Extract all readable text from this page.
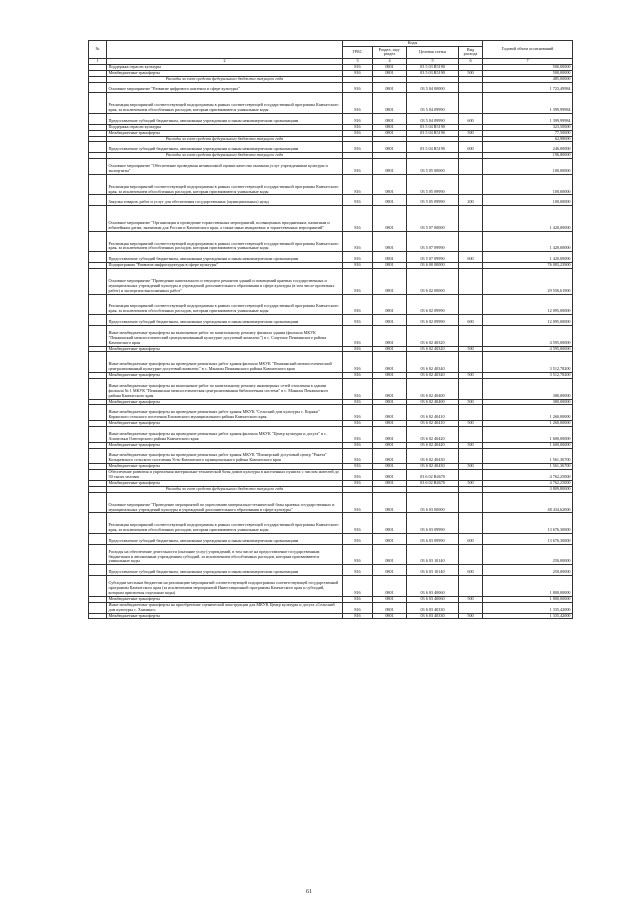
№		Коды				Годовой объем ассигнований
		ГРБС	Раздел, под-раздел	Целевая статья	Вид расхода	
1	2	3	4	5	6	7
	Поддержка отрасли культуры	816	0801	03 5 03 R5190		500,00000
	Межбюджетные трансферты	816	0801	03 5 03 R5190	500	500,00000
	Расходы за счет средств федерального бюджета текущего года					485,00000
	Основное мероприятие "Развитие цифрового контента в сфере культуры"	816	0801	03 5 04 00000		1 723,49984
	Реализация мероприятий соответствующей подпрограммы в рамках соответствующей государственной программы Камчатского края, за исключением обособленных расходов, которым присваиваются уникальные коды	816	0801	03 5 04 09990		1 399,99984
	Предоставление субсидий бюджетным, автономным учреждениям и иным некоммерческим организациям	816	0801	03 5 04 09990	600	1 399,99984
	Поддержка отрасли культуры	816	0801	03 5 04 R5190		323,50000
	Межбюджетные трансферты	816	0801	03 5 04 R5190	500	77,50000
	Расходы за счет средств федерального бюджета текущего года					62,98000
	Предоставление субсидий бюджетным, автономным учреждениям и иным некоммерческим организациям	816	0801	03 5 04 R5190	600	246,00000
	Расходы за счет средств федерального бюджета текущего года					196,80000
	Основное мероприятие "Обеспечение проведения независимой оценки качества оказания услуг учреждениями культуры и экспертизы"	816	0801	03 5 05 00000		100,00000
	Реализация мероприятий соответствующей подпрограммы в рамках соответствующей государственной программы Камчатского края, за исключением обособленных расходов, которым присваиваются уникальные коды	816	0801	03 5 05 09990		100,00000
	Закупка товаров, работ и услуг для обеспечения государственных (муниципальных) нужд	816	0801	03 5 05 09990	200	100,00000
	Основное мероприятие "Организация и проведение торжественных мероприятий, посвященных праздничным, памятным и юбилейным датам, значимым для России и Камчатского края, а также иных имиджевых и торжественных мероприятий"	816	0801	03 5 07 00000		1 420,00000
	Реализация мероприятий соответствующей подпрограммы в рамках соответствующей государственной программы Камчатского края, за исключением обособленных расходов, которым присваиваются уникальные коды	816	0801	03 5 07 09990		1 420,00000
	Предоставление субсидий бюджетным, автономным учреждениям и иным некоммерческим организациям	816	0801	03 5 07 09990	600	1 420,00000
	Подпрограмма "Развитие инфраструктуры в сфере культуры"	816	0801	03 6 00 00000		76 083,23900
	Основное мероприятие "Проведение капитального и текущего ремонтов зданий и помещений краевых государственных и муниципальных учреждений культуры и учреждений дополнительного образования в сфере культуры (в том числе проектных работ) и экспертиза выполненных работ"	816	0801	03 6 02 00000		29 556,61900
	Реализация мероприятий соответствующей подпрограммы в рамках соответствующей государственной программы Камчатского края, за исключением обособленных расходов, которым присваиваются уникальные коды	816	0801	03 6 02 09990		12 095,00000
	Предоставление субсидий бюджетным, автономным учреждениям и иным некоммерческим организациям	816	0801	03 6 02 09990	600	12 095,00000
	Иные межбюджетные трансферты на выполнение работ по капитальному ремонту филиала здания (филиала МКУК "Пенжинский межпоселенческий централизованный культурно-досуговый комплекс") в с. Слаутное Пенжинского района Камчатского края	816	0801	03 6 02 40320		4 595,00000
	Межбюджетные трансферты	816	0801	03 6 02 40320	500	4 595,00000
	Иные межбюджетные трансферты на проведение ремонтных работ здания филиала МКУК "Пенжинский межпоселенческий централизованный культурно-досуговый комплекс" в с. Манилы Пенжинского района Камчатского края	816	0801	03 6 02 40340		3 512,78200
	Межбюджетные трансферты	816	0801	03 6 02 40340	500	3 512,78200
	Иные межбюджетные трансферты на выполнение работ по капитальному ремонту инженерных сетей отопления в здании филиала № 1 МКУК "Пенжинская межпоселенческая централизованная библиотечная система" в с. Манилы Пенжинского района Камчатского края	816	0801	03 6 02 40400		380,00000
	Межбюджетные трансферты	816	0801	03 6 02 40400	500	380,00000
	Иные межбюджетные трансферты на проведение ремонтных работ здания МКУК "Сельский дом культуры с. Коряки" Корякского сельского поселения Елизовского муниципального района Камчатского края	816	0801	03 6 02 40410		1 260,00000
	Межбюджетные трансферты	816	0801	03 6 02 40410	500	1 260,00000
	Иные межбюджетные трансферты на проведение ремонтных работ здания филиала МКУК "Центр культуры и досуга" в с. Апапельки Олюторского района Камчатского края	816	0801	03 6 02 40420		1 600,00000
	Межбюджетные трансферты	816	0801	03 6 02 40420	500	1 600,00000
	Иные межбюджетные трансферты на проведение ремонтных работ здания МКУК "Пионерский досуговый центр "Ракета" Козыревского сельского поселения Усть-Камчатского муниципального района Камчатского края	816	0801	03 6 02 40430		1 561,36700
	Межбюджетные трансферты	816	0801	03 6 02 40430	500	1 561,36700
	Обеспечение развития и укрепления материально-технической базы домов культуры в населенных пунктах с числом жителей до 50 тысяч человек	816	0801	03 6 02 R4670		4 762,25000
	Межбюджетные трансферты	816	0801	03 6 02 R4670	500	4 762,25000
	Расходы за счет средств федерального бюджета текущего года					3 809,80000
	Основное мероприятие "Проведение мероприятий по укреплению материально-технической базы краевых государственных и муниципальных учреждений культуры и учреждений дополнительного образования в сфере культуры"	816	0801	03 6 03 00000		48 434,62000
	Реализация мероприятий соответствующей подпрограммы в рамках соответствующей государственной программы Камчатского края, за исключением обособленных расходов, которым присваиваются уникальные коды	816	0801	03 6 03 09990		13 676,30000
	Предоставление субсидий бюджетным, автономным учреждениям и иным некоммерческим организациям	816	0801	03 6 03 09990	600	13 676,30000
	Расходы на обеспечение деятельности (оказание услуг) учреждений, в том числе на предоставление государственным бюджетным и автономным учреждениям субсидий, за исключением обособленных расходов, которым присваиваются уникальные коды	816	0801	03 6 03 10140		250,00000
	Предоставление субсидий бюджетным, автономным учреждениям и иным некоммерческим организациям	816	0801	03 6 03 10140	600	250,00000
	Субсидии местным бюджетам на реализацию мероприятий соответствующей подпрограммы соответствующей государственной программы Камчатского края (за исключением мероприятий Инвестиционной программы Камчатского края и субсидий, которым присвоены отдельные коды)	816	0801	03 6 03 40060		1 800,00000
	Межбюджетные трансферты	816	0801	03 6 03 40060	500	1 800,00000
	Иные межбюджетные трансферты на приобретение сценической конструкции для МКУК Центр культуры и досуга «Сельский дом культуры с. Хаилино»	816	0801	03 6 03 40330		1 335,42000
	Межбюджетные трансферты	816	0801	03 6 03 40330	500	1 335,42000
61
